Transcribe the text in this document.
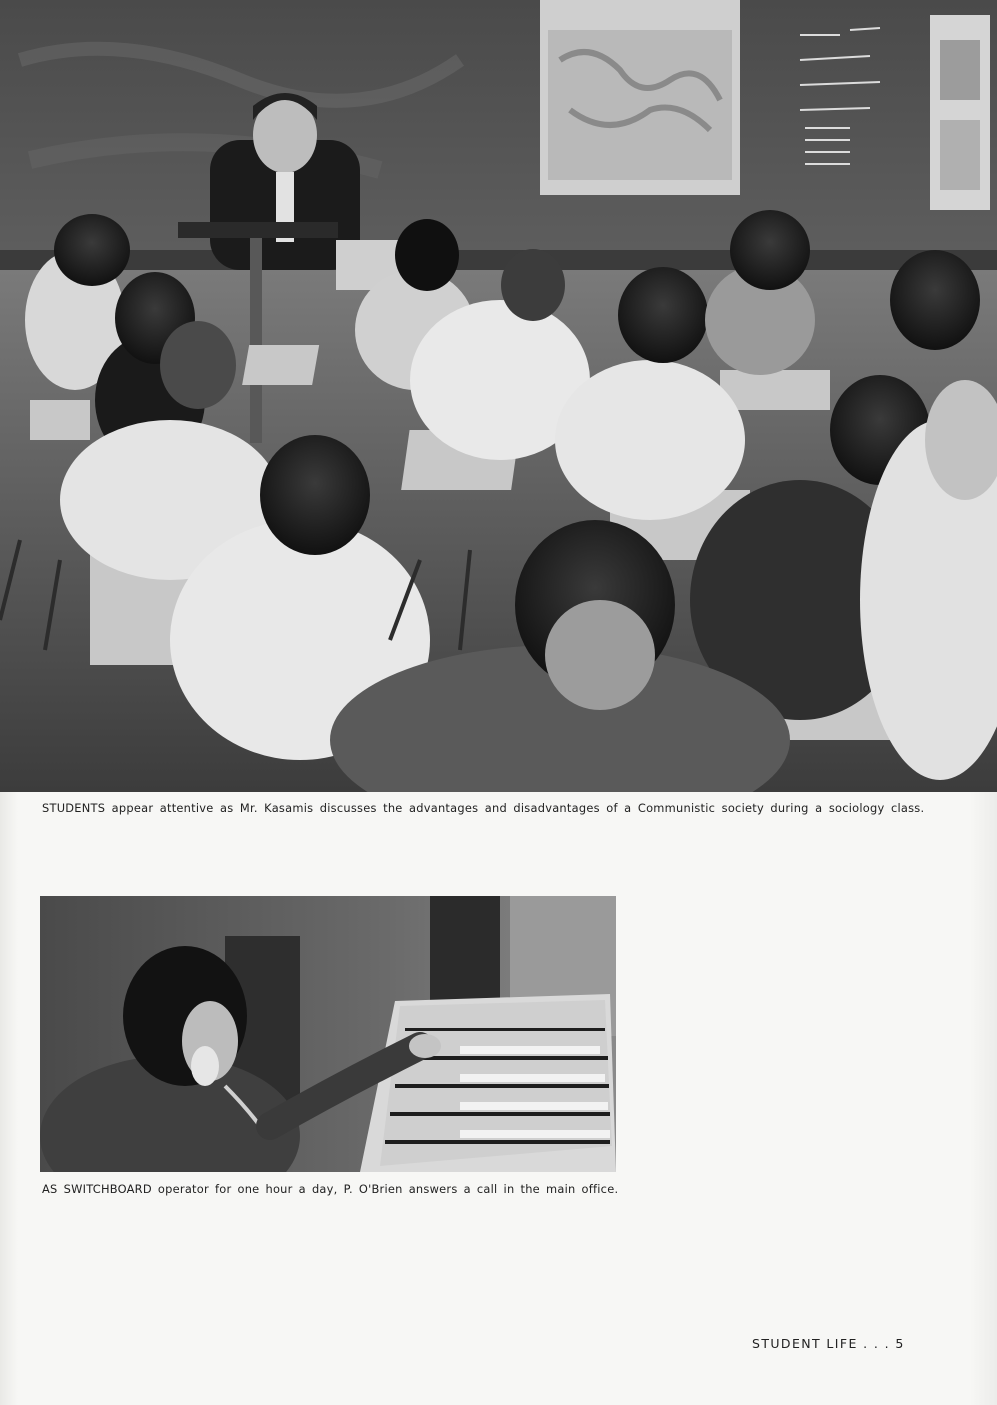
STUDENTS appear attentive as Mr. Kasamis discusses the advantages and disadvantages of a Communistic society during a sociology class.
AS SWITCHBOARD operator for one hour a day, P. O'Brien answers a call in the main office.
STUDENT LIFE . . . 5
